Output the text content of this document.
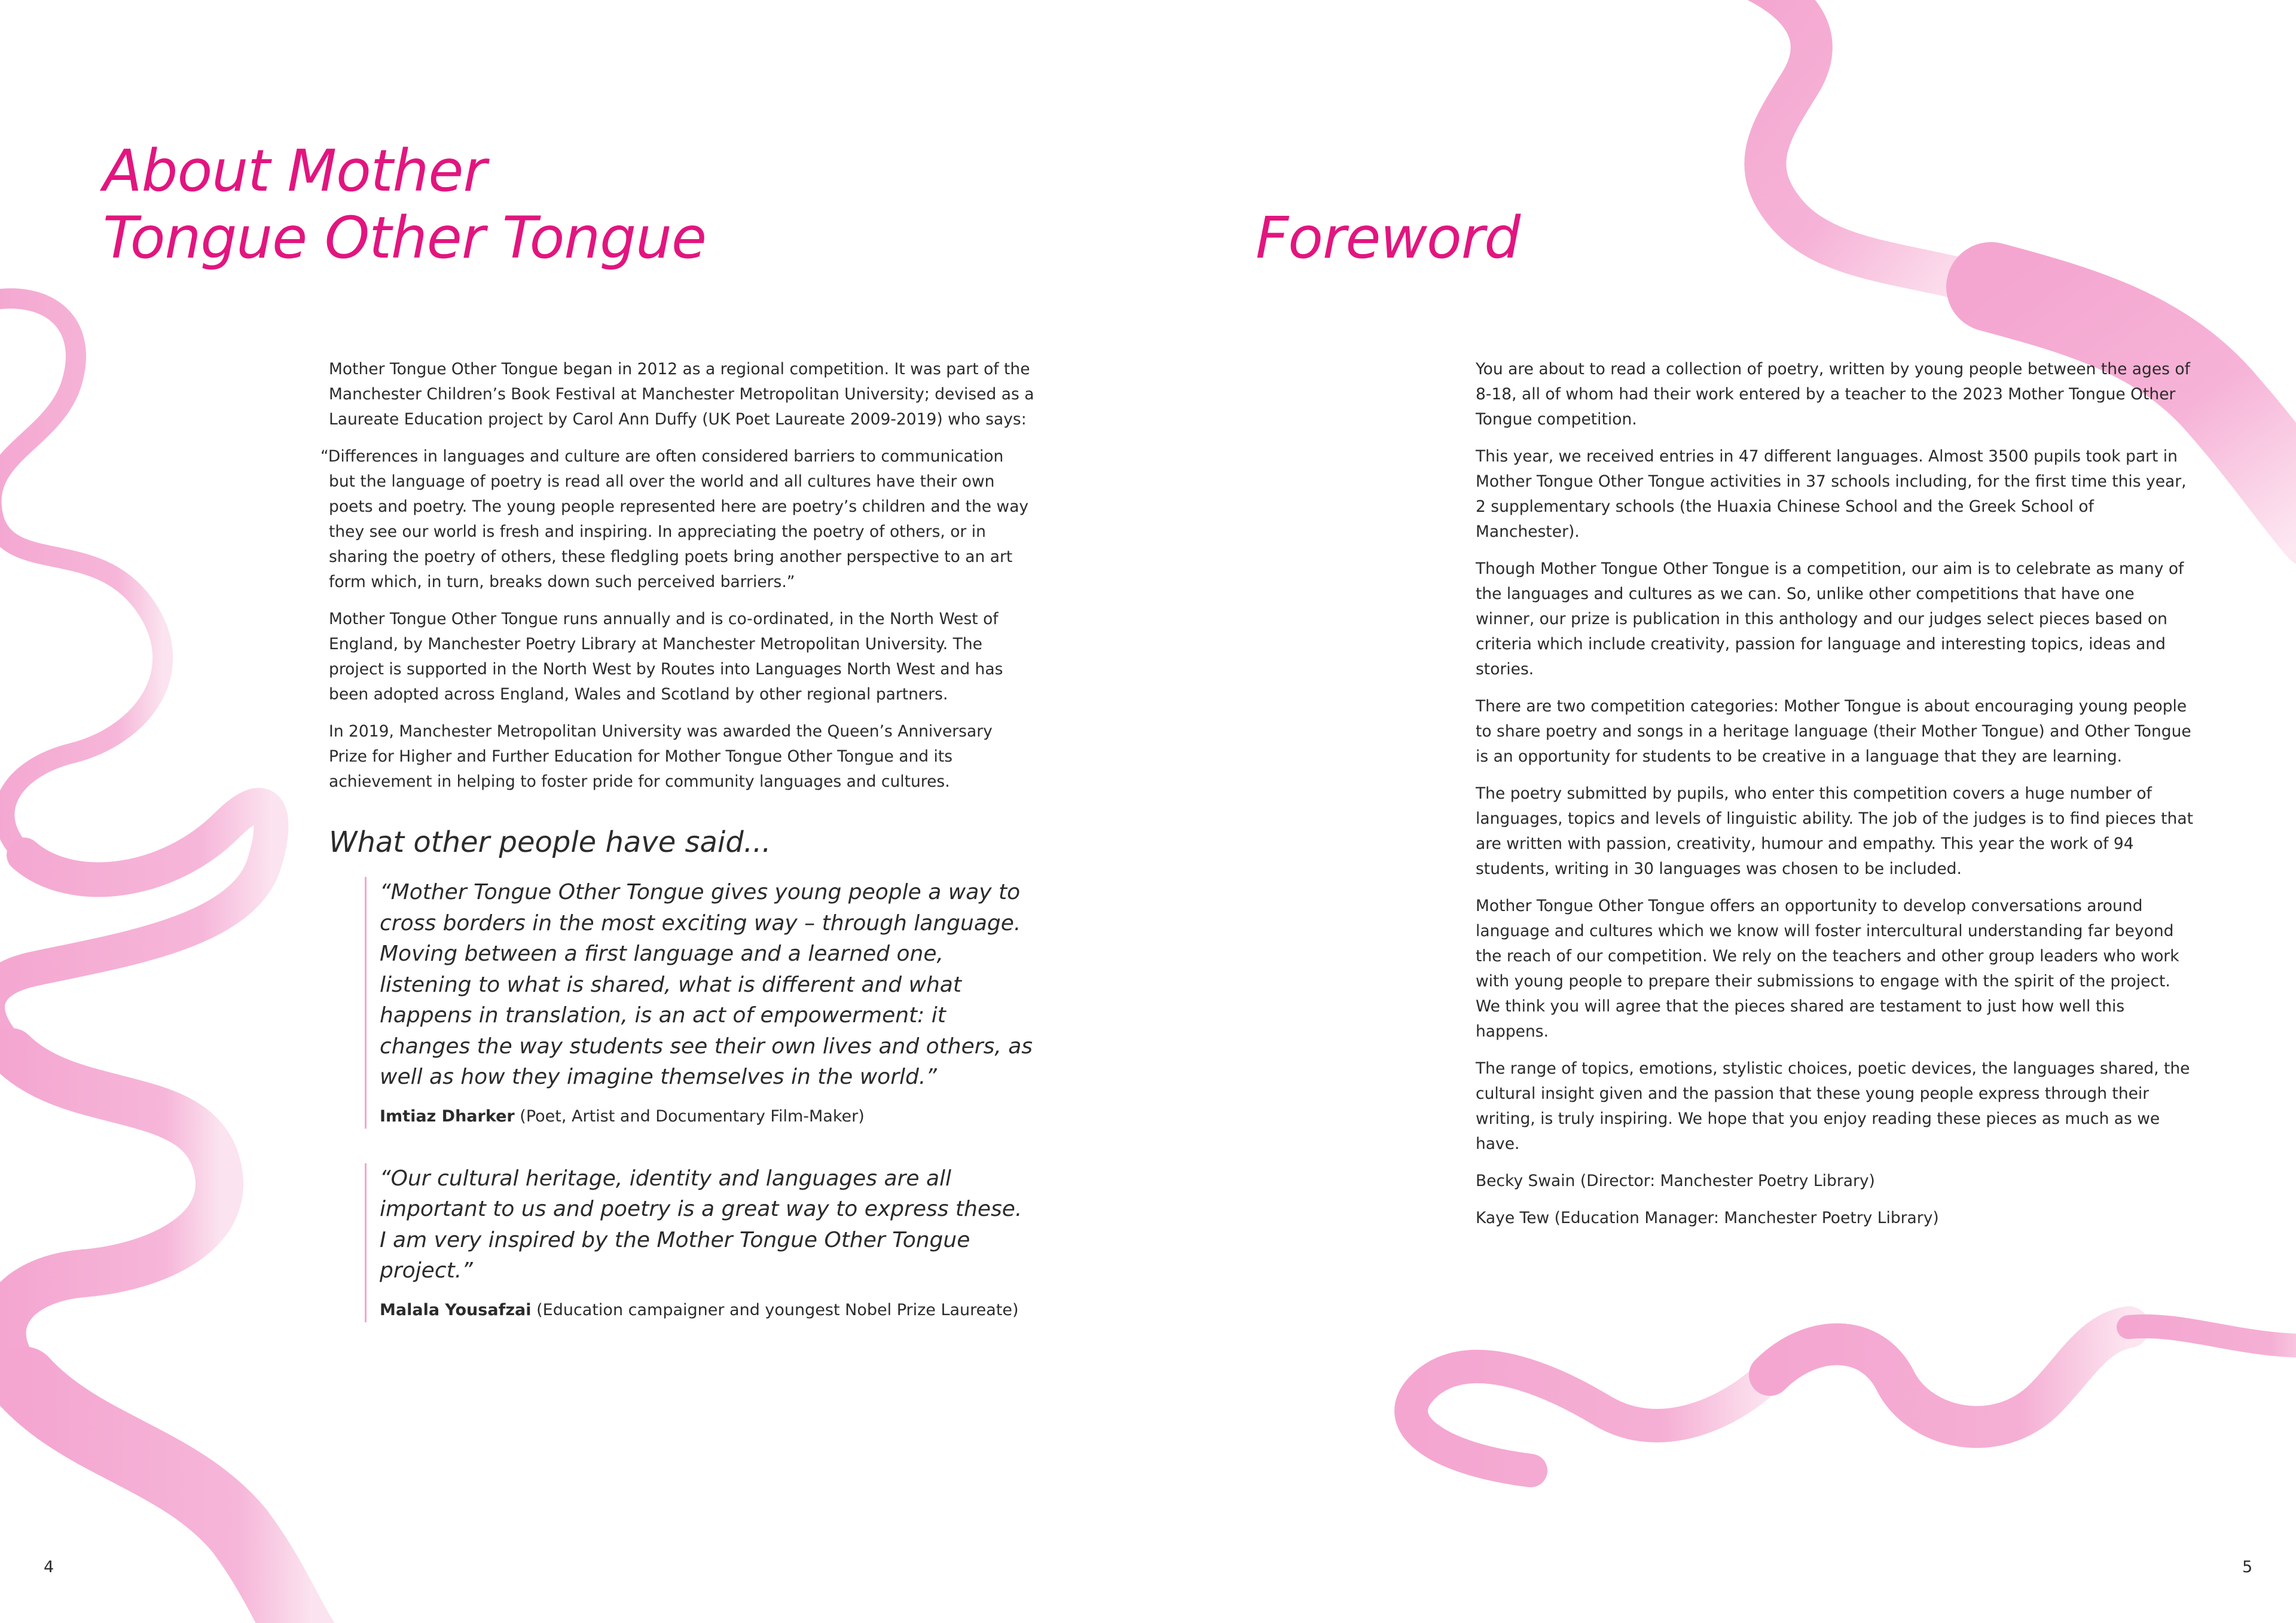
About Mother
Tongue Other Tongue

Mother Tongue Other Tongue began in 2012 as a regional competition. It was part of the Manchester Children’s Book Festival at Manchester Metropolitan University; devised as a Laureate Education project by Carol Ann Duffy (UK Poet Laureate 2009-2019) who says:

“Differences in languages and culture are often considered barriers to communication but the language of poetry is read all over the world and all cultures have their own poets and poetry. The young people represented here are poetry’s children and the way they see our world is fresh and inspiring. In appreciating the poetry of others, or in sharing the poetry of others, these fledgling poets bring another perspective to an art form which, in turn, breaks down such perceived barriers.”

Mother Tongue Other Tongue runs annually and is co-ordinated, in the North West of England, by Manchester Poetry Library at Manchester Metropolitan University. The project is supported in the North West by Routes into Languages North West and has been adopted across England, Wales and Scotland by other regional partners.

In 2019, Manchester Metropolitan University was awarded the Queen’s Anniversary Prize for Higher and Further Education for Mother Tongue Other Tongue and its achievement in helping to foster pride for community languages and cultures.

What other people have said...

“Mother Tongue Other Tongue gives young people a way to cross borders in the most exciting way – through language. Moving between a first language and a learned one, listening to what is shared, what is different and what happens in translation, is an act of empowerment: it changes the way students see their own lives and others, as well as how they imagine themselves in the world.”

Imtiaz Dharker (Poet, Artist and Documentary Film-Maker)

“Our cultural heritage, identity and languages are all important to us and poetry is a great way to express these. I am very inspired by the Mother Tongue Other Tongue project.”

Malala Yousafzai (Education campaigner and youngest Nobel Prize Laureate)

4
Foreword

You are about to read a collection of poetry, written by young people between the ages of 8-18, all of whom had their work entered by a teacher to the 2023 Mother Tongue Other Tongue competition.

This year, we received entries in 47 different languages. Almost 3500 pupils took part in Mother Tongue Other Tongue activities in 37 schools including, for the first time this year, 2 supplementary schools (the Huaxia Chinese School and the Greek School of Manchester).

Though Mother Tongue Other Tongue is a competition, our aim is to celebrate as many of the languages and cultures as we can. So, unlike other competitions that have one winner, our prize is publication in this anthology and our judges select pieces based on criteria which include creativity, passion for language and interesting topics, ideas and stories.

There are two competition categories: Mother Tongue is about encouraging young people to share poetry and songs in a heritage language (their Mother Tongue) and Other Tongue is an opportunity for students to be creative in a language that they are learning.

The poetry submitted by pupils, who enter this competition covers a huge number of languages, topics and levels of linguistic ability. The job of the judges is to find pieces that are written with passion, creativity, humour and empathy. This year the work of 94 students, writing in 30 languages was chosen to be included.

Mother Tongue Other Tongue offers an opportunity to develop conversations around language and cultures which we know will foster intercultural understanding far beyond the reach of our competition. We rely on the teachers and other group leaders who work with young people to prepare their submissions to engage with the spirit of the project. We think you will agree that the pieces shared are testament to just how well this happens.

The range of topics, emotions, stylistic choices, poetic devices, the languages shared, the cultural insight given and the passion that these young people express through their writing, is truly inspiring. We hope that you enjoy reading these pieces as much as we have.

Becky Swain (Director: Manchester Poetry Library)

Kaye Tew (Education Manager: Manchester Poetry Library)

5
